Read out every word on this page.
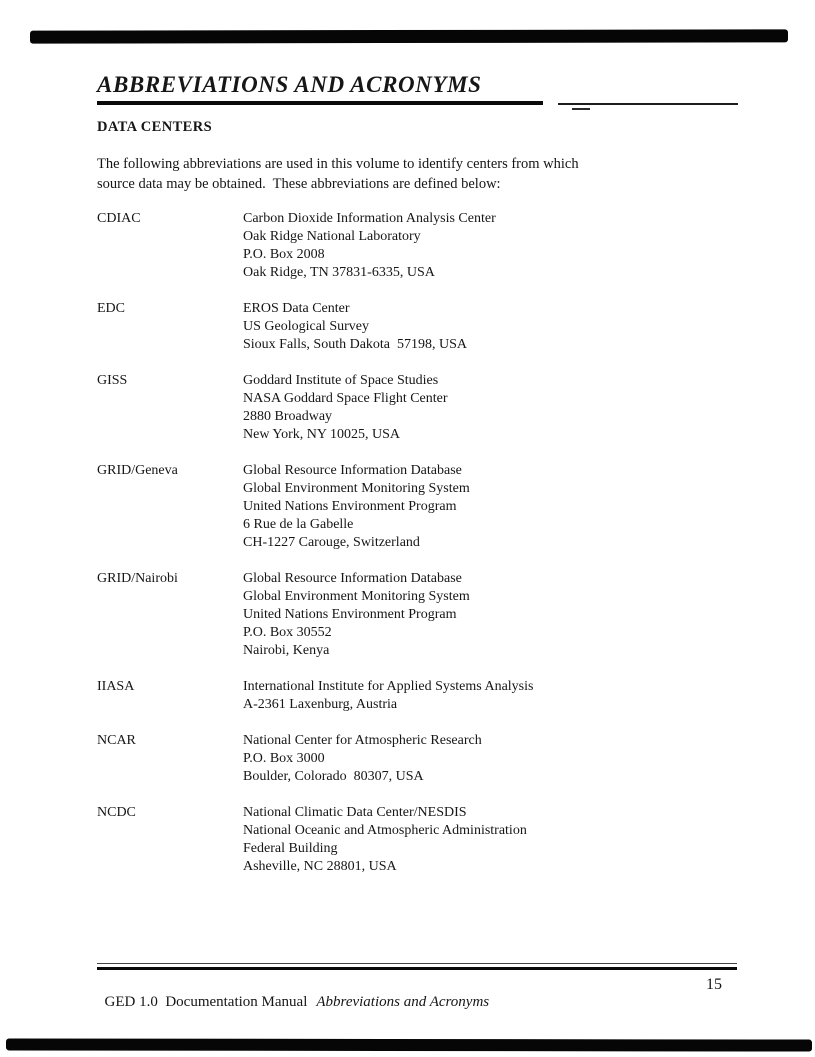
ABBREVIATIONS AND ACRONYMS
DATA CENTERS
The following abbreviations are used in this volume to identify centers from which
source data may be obtained.  These abbreviations are defined below:
CDIAC	Carbon Dioxide Information Analysis Center
Oak Ridge National Laboratory
P.O. Box 2008
Oak Ridge, TN 37831-6335, USA
EDC	EROS Data Center
US Geological Survey
Sioux Falls, South Dakota  57198, USA
GISS	Goddard Institute of Space Studies
NASA Goddard Space Flight Center
2880 Broadway
New York, NY 10025, USA
GRID/Geneva	Global Resource Information Database
Global Environment Monitoring System
United Nations Environment Program
6 Rue de la Gabelle
CH-1227 Carouge, Switzerland
GRID/Nairobi	Global Resource Information Database
Global Environment Monitoring System
United Nations Environment Program
P.O. Box 30552
Nairobi, Kenya
IIASA	International Institute for Applied Systems Analysis
A-2361 Laxenburg, Austria
NCAR	National Center for Atmospheric Research
P.O. Box 3000
Boulder, Colorado  80307, USA
NCDC	National Climatic Data Center/NESDIS
National Oceanic and Atmospheric Administration
Federal Building
Asheville, NC 28801, USA

GED 1.0  Documentation Manual Abbreviations and Acronyms

15
